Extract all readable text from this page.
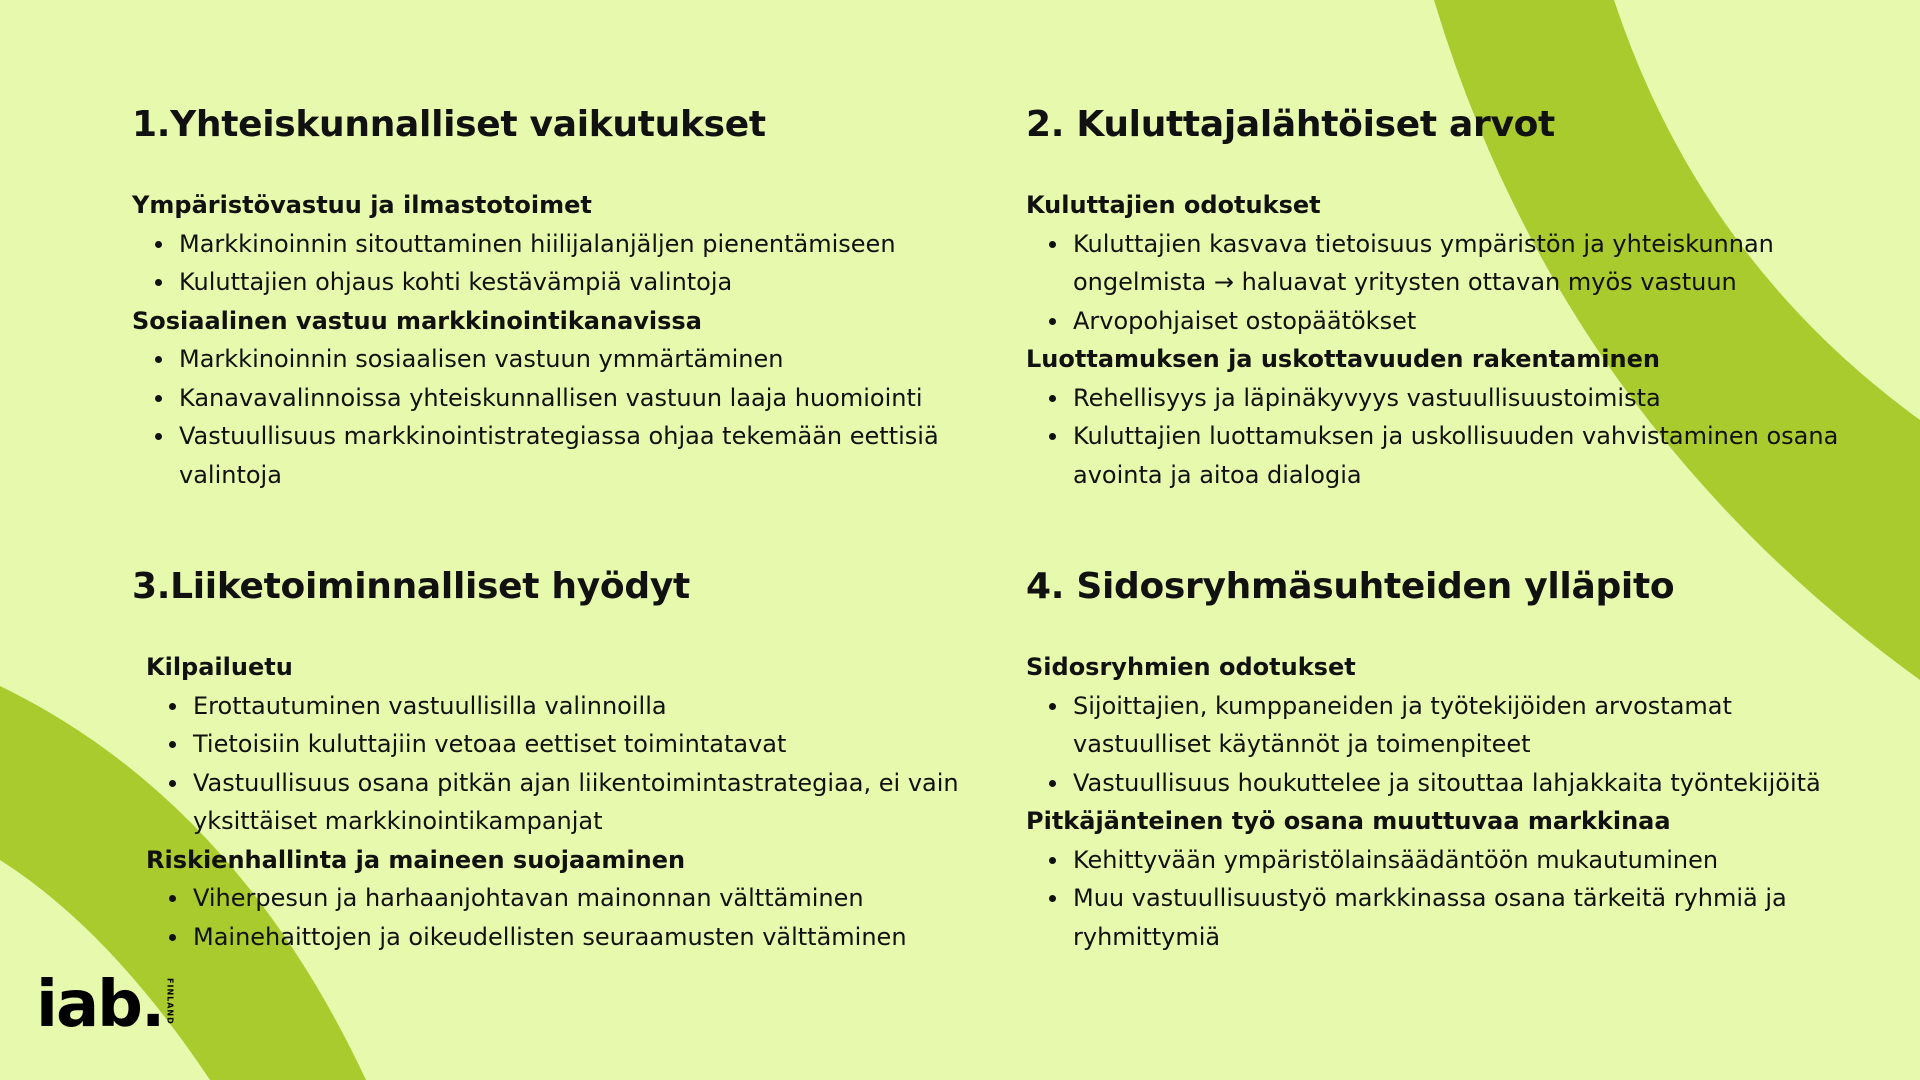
1.Yhteiskunnalliset vaikutukset
Ympäristövastuu ja ilmastotoimet
Markkinoinnin sitouttaminen hiilijalanjäljen pienentämiseen
Kuluttajien ohjaus kohti kestävämpiä valintoja
Sosiaalinen vastuu markkinointikanavissa
Markkinoinnin sosiaalisen vastuun ymmärtäminen
Kanavavalinnoissa yhteiskunnallisen vastuun laaja huomiointi
Vastuullisuus markkinointistrategiassa ohjaa tekemään eettisiä valintoja
2. Kuluttajalähtöiset arvot
Kuluttajien odotukset
Kuluttajien kasvava tietoisuus ympäristön ja yhteiskunnan ongelmista → haluavat yritysten ottavan myös vastuun
Arvopohjaiset ostopäätökset
Luottamuksen ja uskottavuuden rakentaminen
Rehellisyys ja läpinäkyvyys vastuullisuustoimista
Kuluttajien luottamuksen ja uskollisuuden vahvistaminen osana avointa ja aitoa dialogia
3.Liiketoiminnalliset hyödyt
Kilpailuetu
Erottautuminen vastuullisilla valinnoilla
Tietoisiin kuluttajiin vetoaa eettiset toimintatavat
Vastuullisuus osana pitkän ajan liikentoimintastrategiaa, ei vain yksittäiset markkinointikampanjat
Riskienhallinta ja maineen suojaaminen
Viherpesun ja harhaanjohtavan mainonnan välttäminen
Mainehaittojen ja oikeudellisten seuraamusten välttäminen
4. Sidosryhmäsuhteiden ylläpito
Sidosryhmien odotukset
Sijoittajien, kumppaneiden ja työtekijöiden arvostamat vastuulliset käytännöt ja toimenpiteet
Vastuullisuus houkuttelee ja sitouttaa lahjakkaita työntekijöitä
Pitkäjänteinen työ osana muuttuvaa markkinaa
Kehittyvään ympäristölainsäädäntöön mukautuminen
Muu vastuullisuustyö markkinassa osana tärkeitä ryhmiä ja ryhmittymiä
iab. FINLAND
